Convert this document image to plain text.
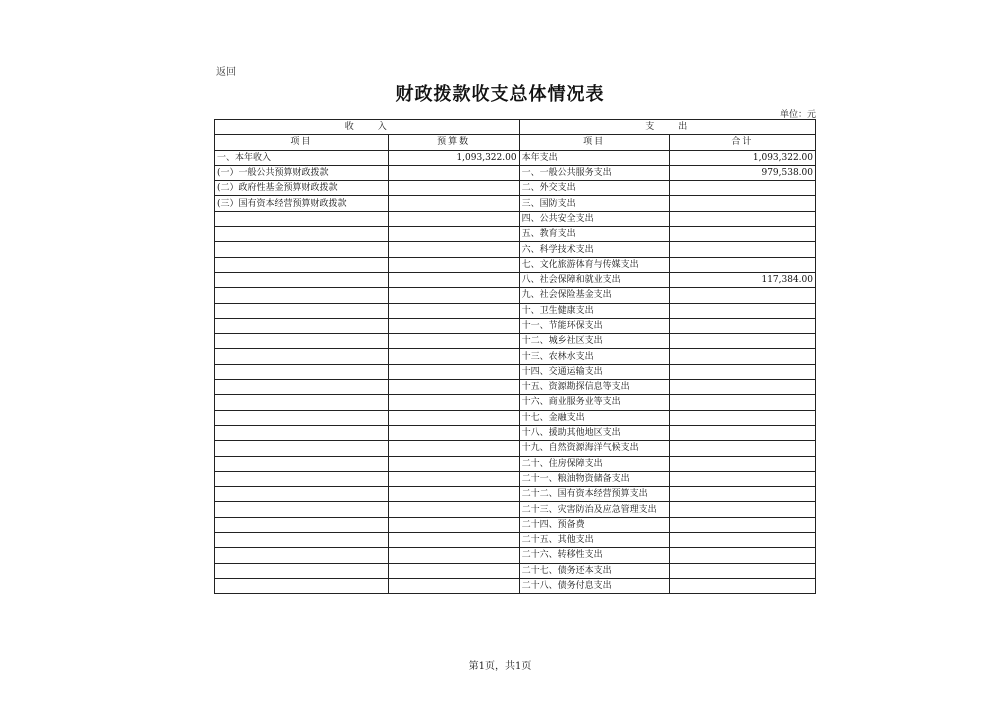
返回
财政拨款收支总体情况表
单位：元
收　　入		支　　出	
项目	预算数	项目	合计
一、本年收入	1,093,322.00	本年支出	1,093,322.00
(一）一般公共预算财政拨款		一、一般公共服务支出	979,538.00
(二）政府性基金预算财政拨款		二、外交支出	
(三）国有资本经营预算财政拨款		三、国防支出	
		四、公共安全支出	
		五、教育支出	
		六、科学技术支出	
		七、文化旅游体育与传媒支出	
		八、社会保障和就业支出	117,384.00
		九、社会保险基金支出	
		十、卫生健康支出	
		十一、节能环保支出	
		十二、城乡社区支出	
		十三、农林水支出	
		十四、交通运输支出	
		十五、资源勘探信息等支出	
		十六、商业服务业等支出	
		十七、金融支出	
		十八、援助其他地区支出	
		十九、自然资源海洋气候支出	
		二十、住房保障支出	
		二十一、粮油物资储备支出	
		二十二、国有资本经营预算支出	
		二十三、灾害防治及应急管理支出	
		二十四、预备费	
		二十五、其他支出	
		二十六、转移性支出	
		二十七、债务还本支出	
		二十八、债务付息支出	
第1页，共1页
